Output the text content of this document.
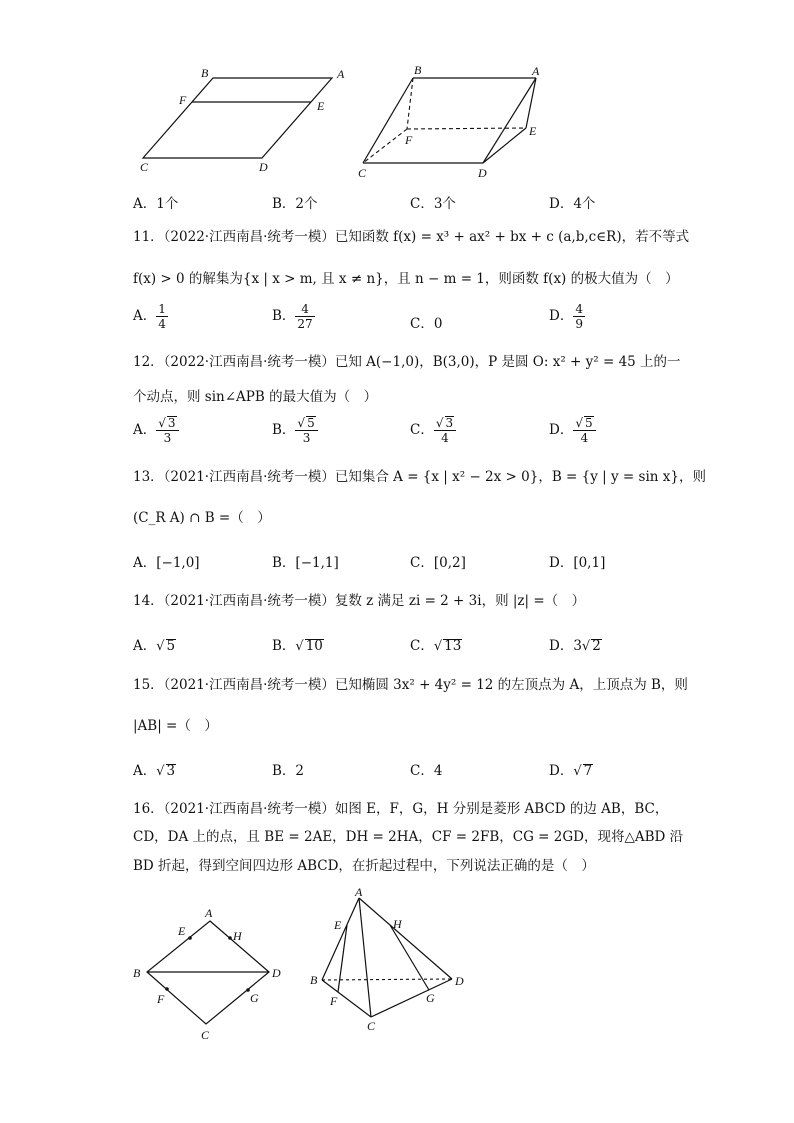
B	A
F	E
C	D
B	A
E
F
C	D
A．1个	B．2个	C．3个	D．4个
11．（2022·江西南昌·统考一模）已知函数 f(x) = x³ + ax² + bx + c (a,b,c∈R)，若不等式
f(x) > 0 的解集为{x | x > m, 且 x ≠ n}，且 n − m = 1，则函数 f(x) 的极大值为（　）
A． $\frac{1}{4}$	B． $\frac{4}{27}$	C．0	D． $\frac{4}{9}$
12．（2022·江西南昌·统考一模）已知 A(−1,0)，B(3,0)，P 是圆 O: x² + y² = 45 上的一
个动点，则 sin∠APB 的最大值为（　）
A． $\frac{√ 3}{3}$	B． $\frac{√ 5}{3}$	C． $\frac{√ 3}{4}$	D． $\frac{√ 5}{4}$
13．（2021·江西南昌·统考一模）已知集合 A = {x | x² − 2x > 0}，B = {y | y = sin x}，则
(C_R A) ∩ B =（　）
A．[−1,0]	B．[−1,1]	C．[0,2]	D．[0,1]
14．（2021·江西南昌·统考一模）复数 z 满足 zi = 2 + 3i，则 |z| =（　）
A．√ 5	B．√ 10	C．√ 13	D．3√ 2
15．（2021·江西南昌·统考一模）已知椭圆 3x² + 4y² = 12 的左顶点为 A，上顶点为 B，则
|AB| =（　）
A．√ 3	B．2	C．4	D．√ 7
16．（2021·江西南昌·统考一模）如图 E，F，G，H 分别是菱形 ABCD 的边 AB，BC，
CD，DA 上的点，且 BE = 2AE，DH = 2HA，CF = 2FB，CG = 2GD，现将△ABD 沿
BD 折起，得到空间四边形 ABCD，在折起过程中，下列说法正确的是（　）
A
E	H
B	D
F	G
C
A
E	H
B	D
F	G
C
